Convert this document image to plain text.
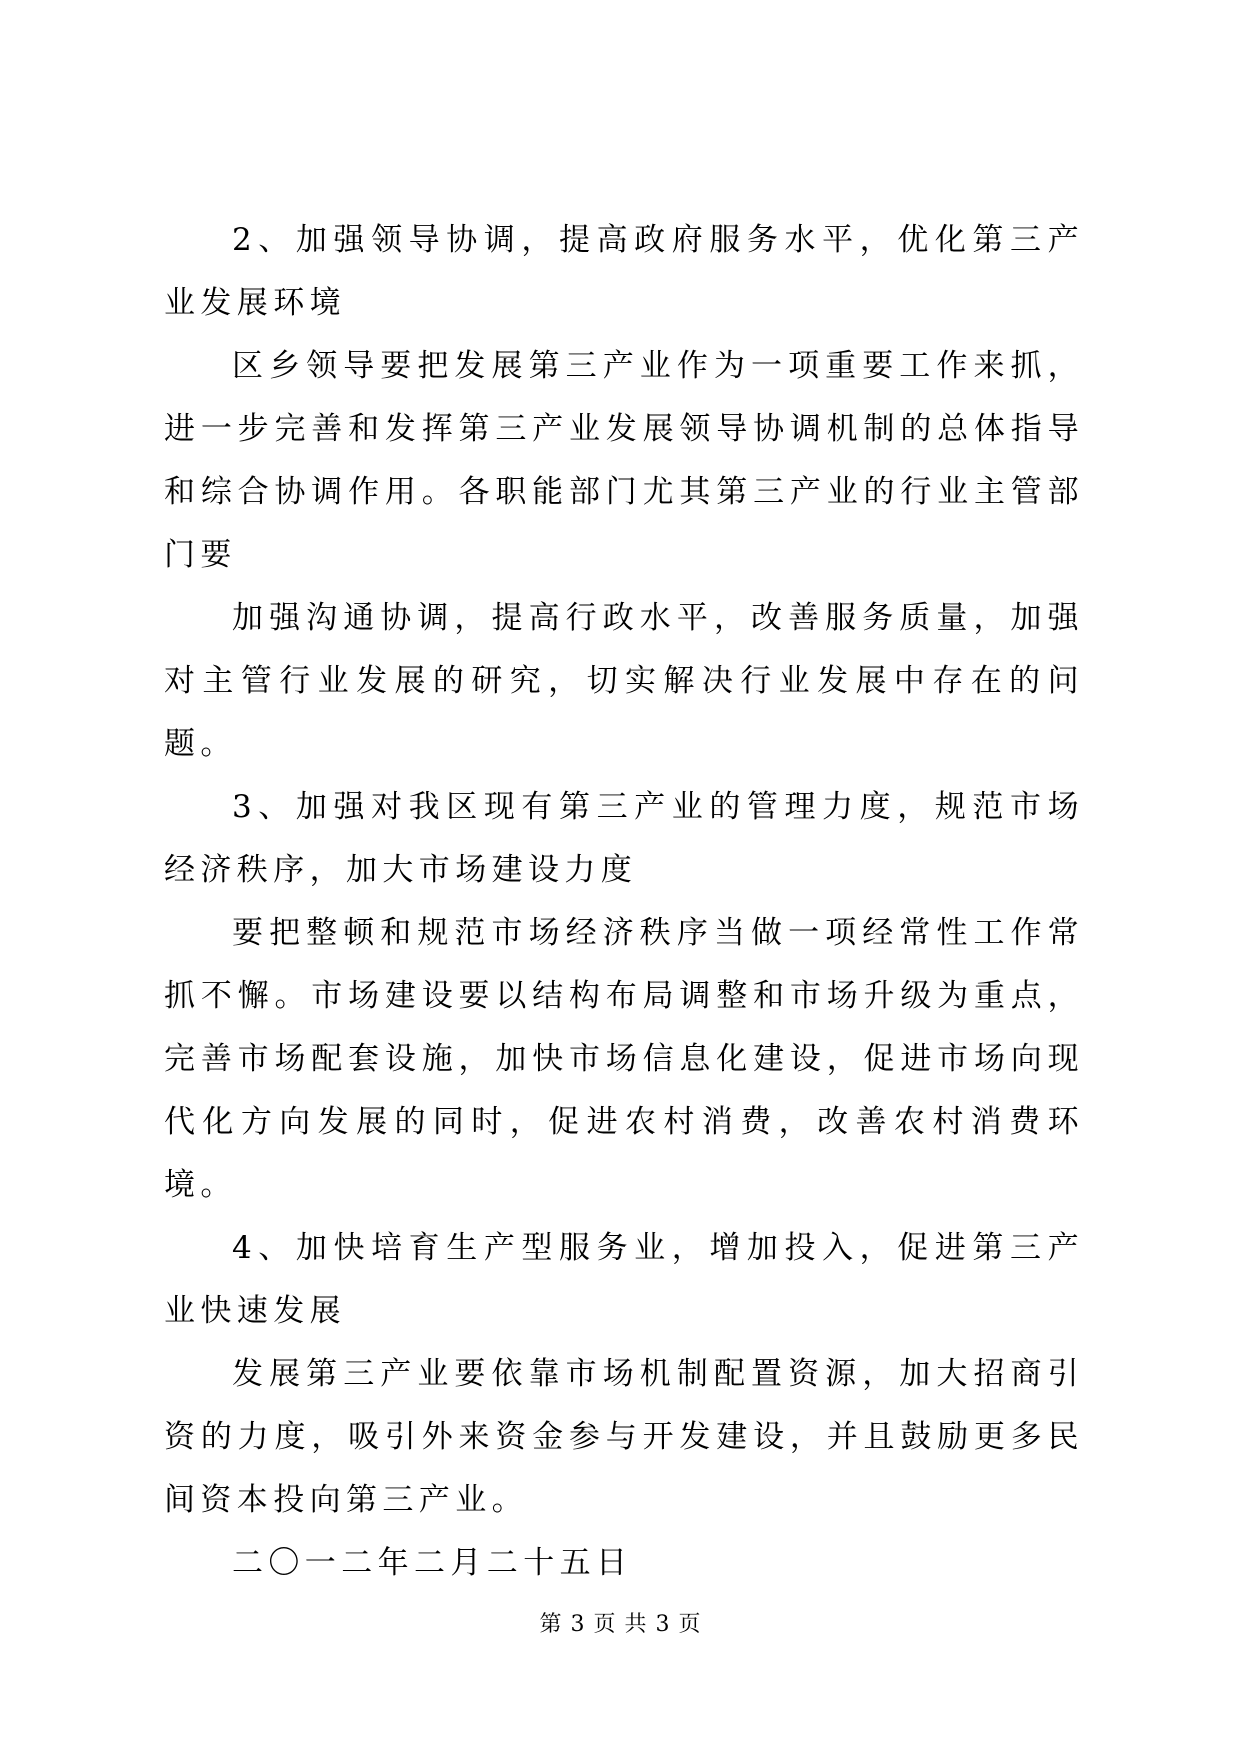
2、加强领导协调，提高政府服务水平，优化第三产业发展环境

区乡领导要把发展第三产业作为一项重要工作来抓，进一步完善和发挥第三产业发展领导协调机制的总体指导和综合协调作用。各职能部门尤其第三产业的行业主管部门要

加强沟通协调，提高行政水平，改善服务质量，加强对主管行业发展的研究，切实解决行业发展中存在的问题。

3、加强对我区现有第三产业的管理力度，规范市场经济秩序，加大市场建设力度

要把整顿和规范市场经济秩序当做一项经常性工作常抓不懈。市场建设要以结构布局调整和市场升级为重点，完善市场配套设施，加快市场信息化建设，促进市场向现代化方向发展的同时，促进农村消费，改善农村消费环境。

4、加快培育生产型服务业，增加投入，促进第三产业快速发展

发展第三产业要依靠市场机制配置资源，加大招商引资的力度，吸引外来资金参与开发建设，并且鼓励更多民间资本投向第三产业。

二〇一二年二月二十五日

第 3 页 共 3 页
